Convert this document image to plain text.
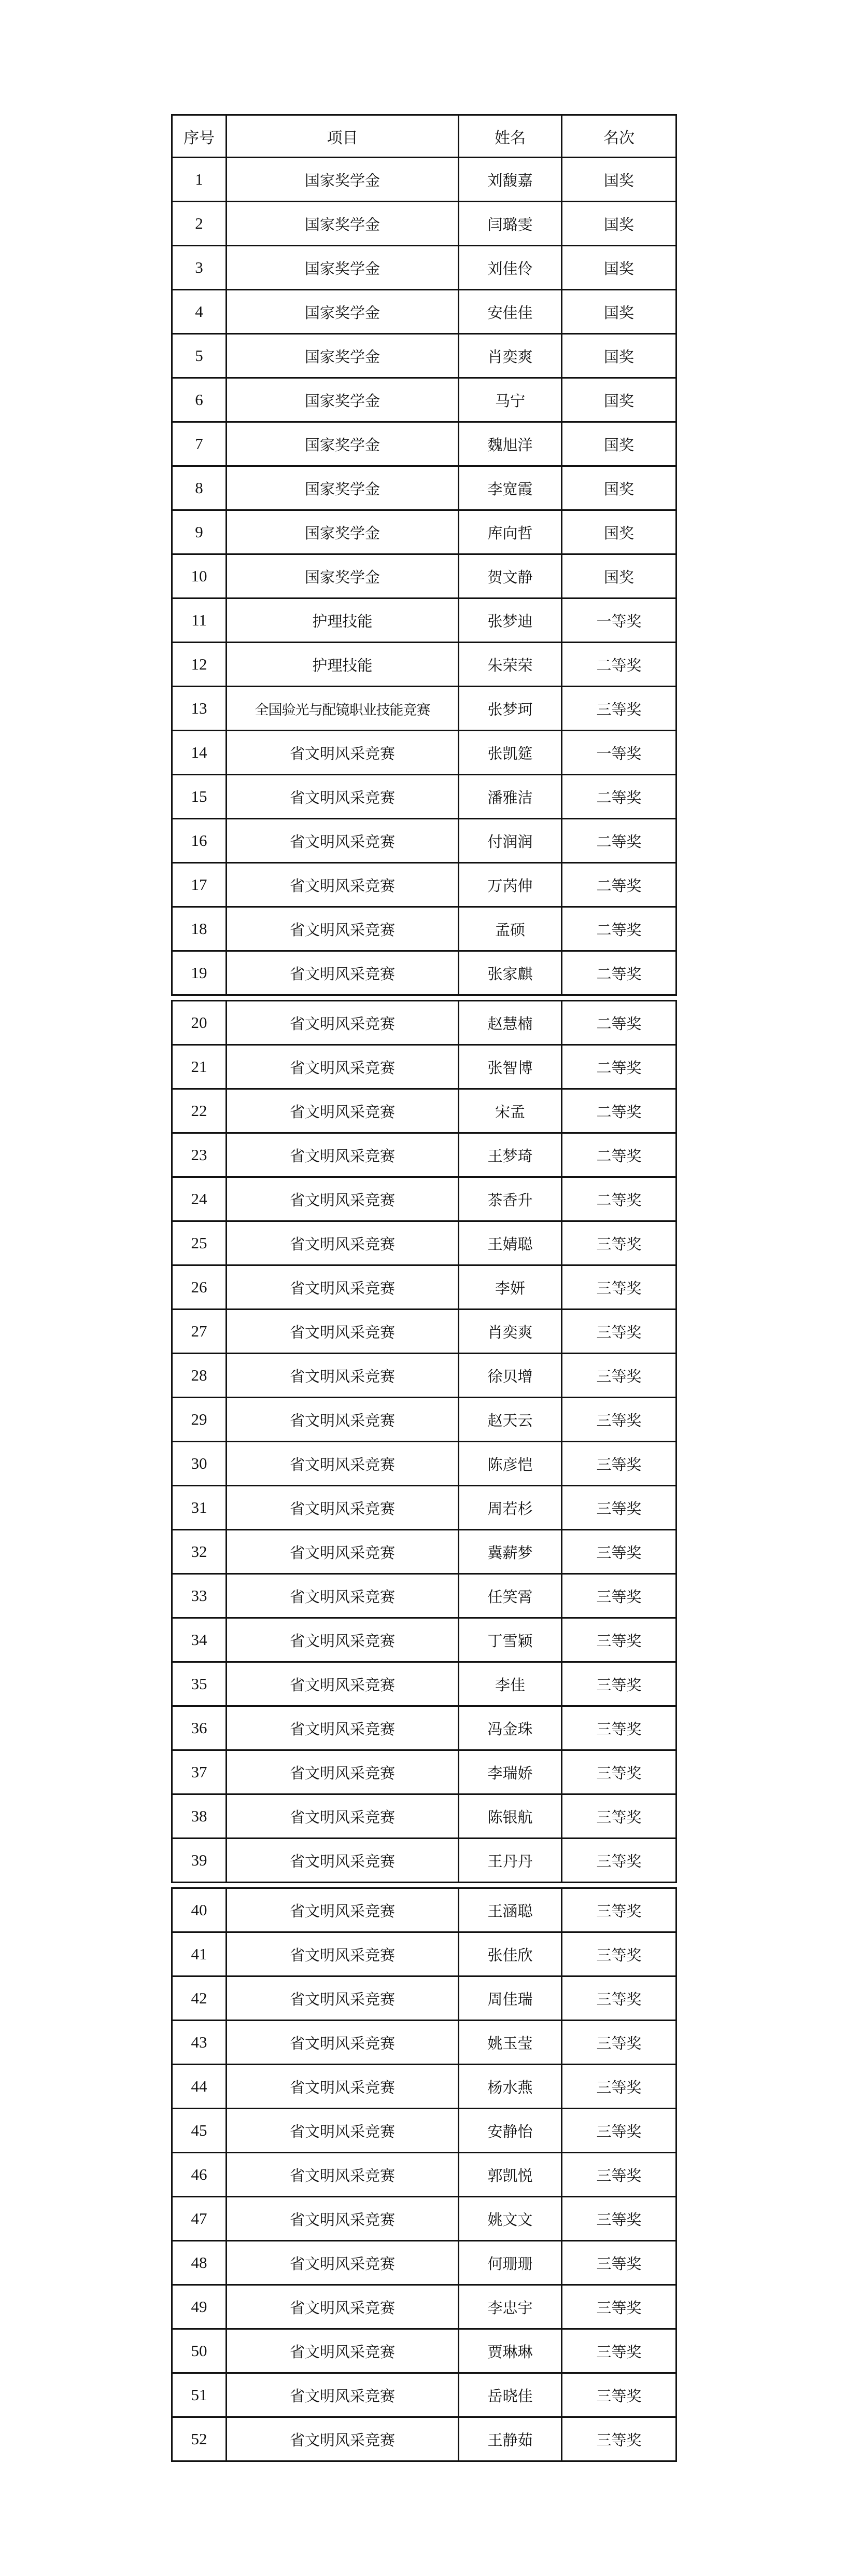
序号	项目	姓名	名次
1	国家奖学金	刘馥嘉	国奖
2	国家奖学金	闫璐雯	国奖
3	国家奖学金	刘佳伶	国奖
4	国家奖学金	安佳佳	国奖
5	国家奖学金	肖奕爽	国奖
6	国家奖学金	马宁	国奖
7	国家奖学金	魏旭洋	国奖
8	国家奖学金	李宽霞	国奖
9	国家奖学金	库向哲	国奖
10	国家奖学金	贺文静	国奖
11	护理技能	张梦迪	一等奖
12	护理技能	朱荣荣	二等奖
13	全国验光与配镜职业技能竞赛	张梦珂	三等奖
14	省文明风采竞赛	张凯筵	一等奖
15	省文明风采竞赛	潘雅洁	二等奖
16	省文明风采竞赛	付润润	二等奖
17	省文明风采竞赛	万芮伸	二等奖
18	省文明风采竞赛	孟硕	二等奖
19	省文明风采竞赛	张家麒	二等奖
20	省文明风采竞赛	赵慧楠	二等奖
21	省文明风采竞赛	张智博	二等奖
22	省文明风采竞赛	宋孟	二等奖
23	省文明风采竞赛	王梦琦	二等奖
24	省文明风采竞赛	茶香升	二等奖
25	省文明风采竞赛	王婧聪	三等奖
26	省文明风采竞赛	李妍	三等奖
27	省文明风采竞赛	肖奕爽	三等奖
28	省文明风采竞赛	徐贝增	三等奖
29	省文明风采竞赛	赵天云	三等奖
30	省文明风采竞赛	陈彦恺	三等奖
31	省文明风采竞赛	周若杉	三等奖
32	省文明风采竞赛	冀薪梦	三等奖
33	省文明风采竞赛	任笑霄	三等奖
34	省文明风采竞赛	丁雪颖	三等奖
35	省文明风采竞赛	李佳	三等奖
36	省文明风采竞赛	冯金珠	三等奖
37	省文明风采竞赛	李瑞娇	三等奖
38	省文明风采竞赛	陈银航	三等奖
39	省文明风采竞赛	王丹丹	三等奖
40	省文明风采竞赛	王涵聪	三等奖
41	省文明风采竞赛	张佳欣	三等奖
42	省文明风采竞赛	周佳瑞	三等奖
43	省文明风采竞赛	姚玉莹	三等奖
44	省文明风采竞赛	杨水燕	三等奖
45	省文明风采竞赛	安静怡	三等奖
46	省文明风采竞赛	郭凯悦	三等奖
47	省文明风采竞赛	姚文文	三等奖
48	省文明风采竞赛	何珊珊	三等奖
49	省文明风采竞赛	李忠宇	三等奖
50	省文明风采竞赛	贾琳琳	三等奖
51	省文明风采竞赛	岳晓佳	三等奖
52	省文明风采竞赛	王静茹	三等奖
